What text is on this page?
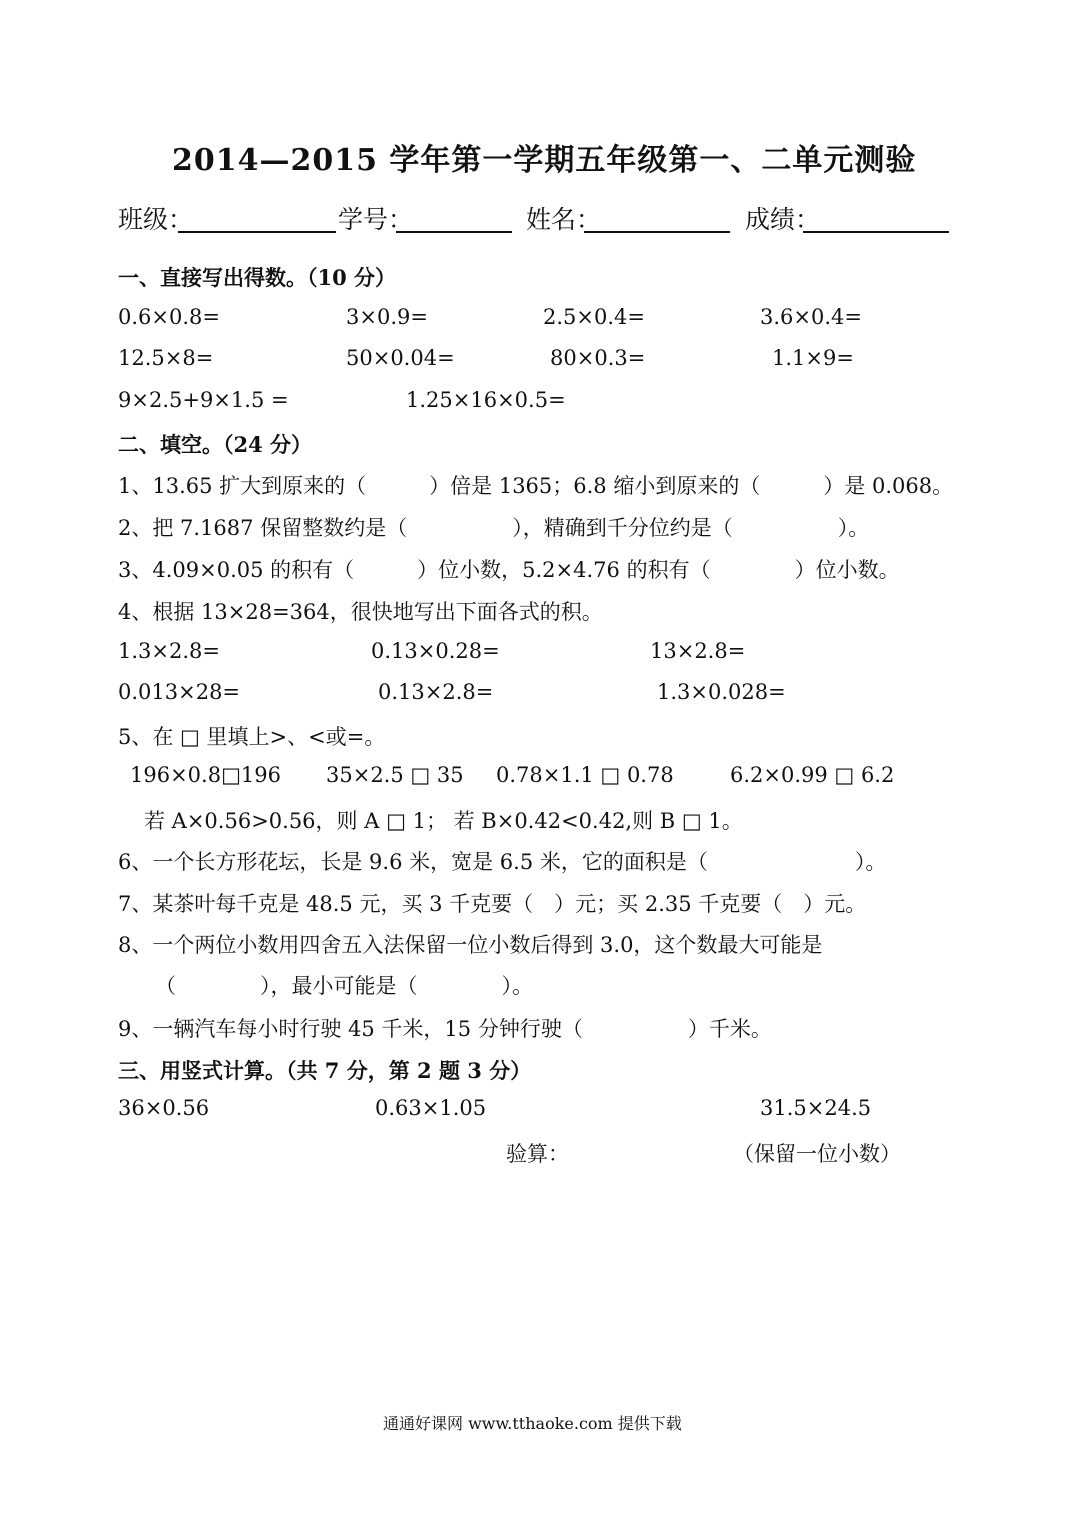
2014—2015 学年第一学期五年级第一、二单元测验
班级：	学号：	姓名：	成绩：
一、直接写出得数。（10 分）
0.6×0.8=	3×0.9=	2.5×0.4=	3.6×0.4=
12.5×8=	50×0.04=	80×0.3=	1.1×9=
9×2.5+9×1.5 =	1.25×16×0.5=
二、填空。（24 分）
1、13.65 扩大到原来的（　　　）倍是 1365；6.8 缩小到原来的（　　　）是 0.068。
2、把 7.1687 保留整数约是（　　　　　），精确到千分位约是（　　　　　）。
3、4.09×0.05 的积有（　　　）位小数，5.2×4.76 的积有（　　　　）位小数。
4、根据 13×28=364，很快地写出下面各式的积。
1.3×2.8=	0.13×0.28=	13×2.8=
0.013×28=	0.13×2.8=	1.3×0.028=
5、在 □ 里填上>、<或=。
196×0.8□196 35×2.5 □ 35 0.78×1.1 □ 0.78	6.2×0.99 □ 6.2
若 A×0.56>0.56，则 A □ 1； 若 B×0.42<0.42,则 B □ 1。
6、一个长方形花坛，长是 9.6 米，宽是 6.5 米，它的面积是（　　　　　　　）。
7、某茶叶每千克是 48.5 元，买 3 千克要（　）元；买 2.35 千克要（　）元。
8、一个两位小数用四舍五入法保留一位小数后得到 3.0，这个数最大可能是
（　　　　），最小可能是（　　　　）。
9、一辆汽车每小时行驶 45 千米，15 分钟行驶（　　　　　）千米。
三、用竖式计算。（共 7 分，第 2 题 3 分）
36×0.56	0.63×1.05	31.5×24.5
验算：	（保留一位小数）
通通好课网 www.tthaoke.com 提供下载
